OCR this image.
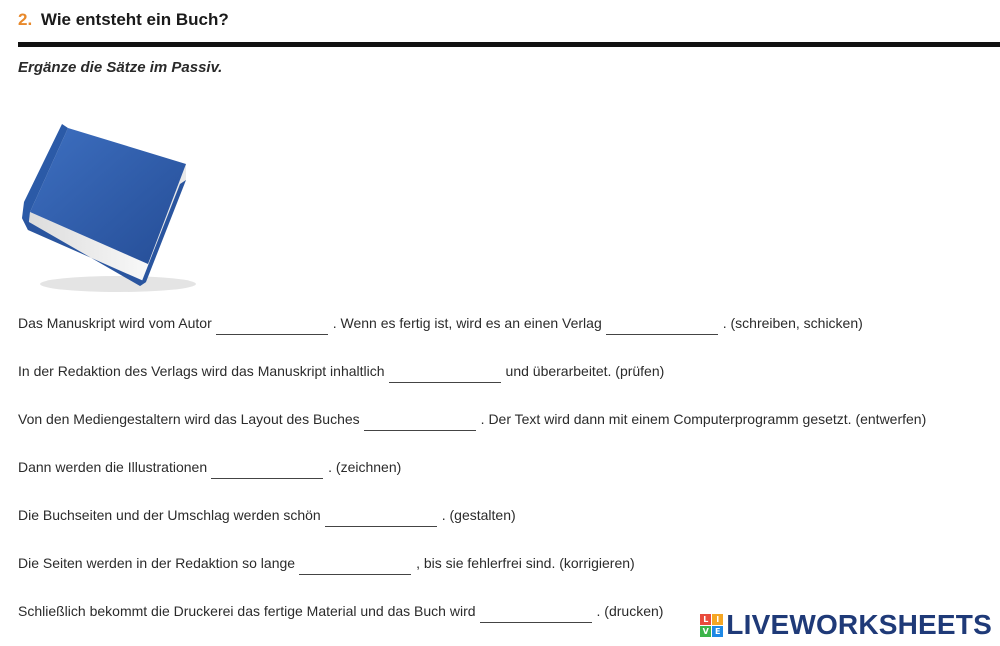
2. Wie entsteht ein Buch?
Ergänze die Sätze im Passiv.
Das Manuskript wird vom Autor	. Wenn es fertig ist, wird es an einen Verlag	. (schreiben, schicken)
In der Redaktion des Verlags wird das Manuskript inhaltlich	und überarbeitet. (prüfen)
Von den Mediengestaltern wird das Layout des Buches	. Der Text wird dann mit einem Computerprogramm gesetzt. (entwerfen)
Dann werden die Illustrationen	. (zeichnen)
Die Buchseiten und der Umschlag werden schön	. (gestalten)
Die Seiten werden in der Redaktion so lange	, bis sie fehlerfrei sind. (korrigieren)
Schließlich bekommt die Druckerei das fertige Material und das Buch wird	. (drucken)	L I
V E LIVEWORKSHEETS
